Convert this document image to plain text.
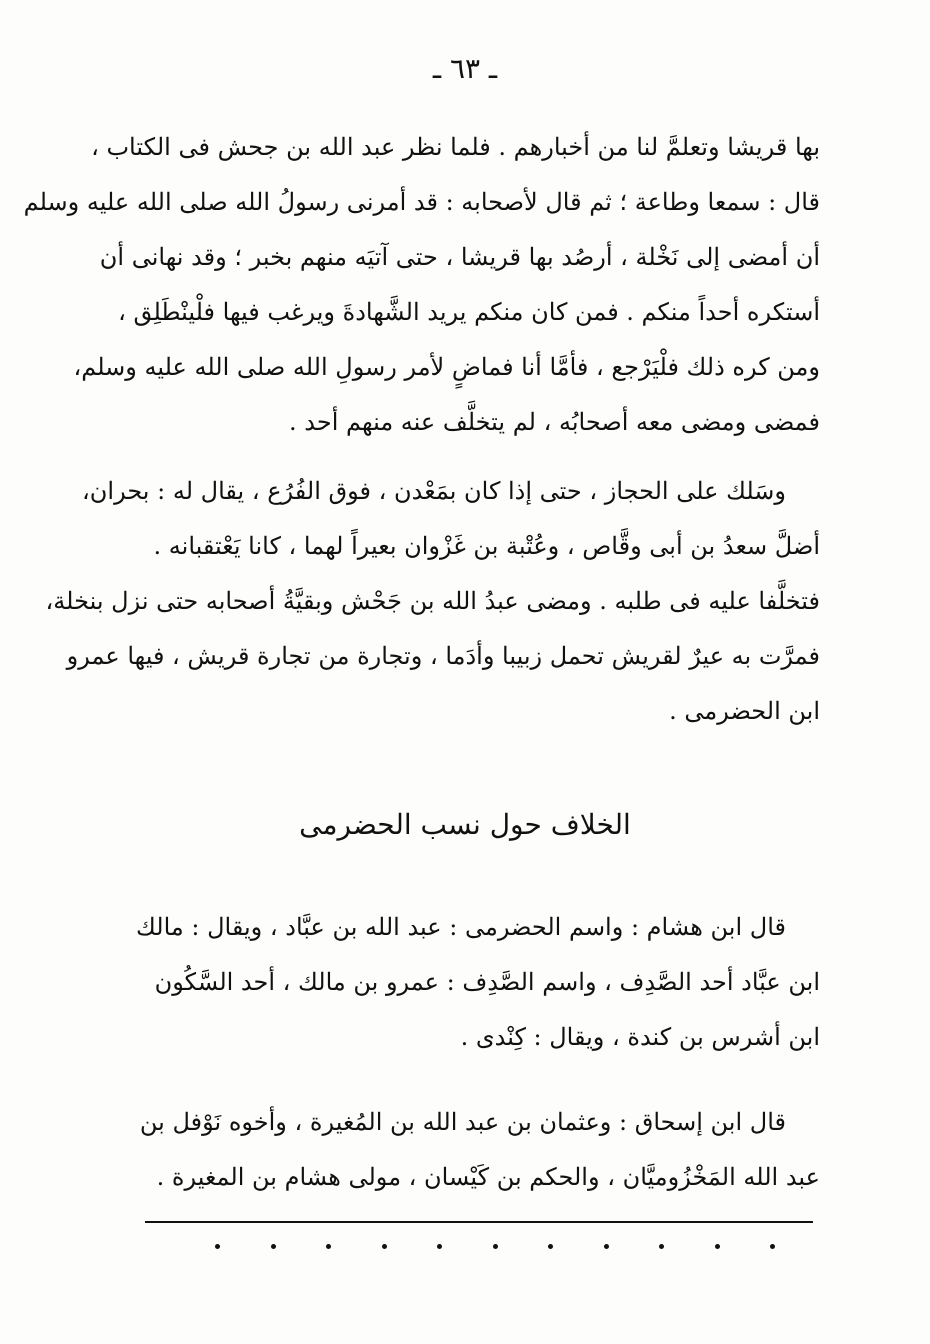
ـ ٦٣ ـ
بها قريشا وتعلمَّ لنا من أخبارهم . فلما نظر عبد الله بن جحش فى الكتاب ،
قال : سمعا وطاعة ؛ ثم قال لأصحابه : قد أمرنى رسولُ الله صلى الله عليه وسلم
أن أمضى إلى نَخْلة ، أرصُد بها قريشا ، حتى آتيَه منهم بخبر ؛ وقد نهانى أن
أستكره أحداً منكم . فمن كان منكم يريد الشَّهادةَ ويرغب فيها فلْينْطَلِق ،
ومن كره ذلك فلْيَرْجع ، فأمَّا أنا فماضٍ لأمر رسولِ الله صلى الله عليه وسلم،
فمضى ومضى معه أصحابُه ، لم يتخلَّف عنه منهم أحد .
وسَلك على الحجاز ، حتى إذا كان بمَعْدن ، فوق الفُرُع ، يقال له : بحران،
أضلَّ سعدُ بن أبى وقَّاص ، وعُتْبة بن غَزْوان بعيراً لهما ، كانا يَعْتقبانه .
فتخلَّفا عليه فى طلبه . ومضى عبدُ الله بن جَحْش وبقيَّةُ أصحابه حتى نزل بنخلة،
فمرَّت به عيرٌ لقريش تحمل زبيبا وأدَما ، وتجارة من تجارة قريش ، فيها عمرو
ابن الحضرمى .
الخلاف حول نسب الحضرمى
قال ابن هشام : واسم الحضرمى : عبد الله بن عبَّاد ، ويقال : مالك
ابن عبَّاد أحد الصَّدِف ، واسم الصَّدِف : عمرو بن مالك ، أحد السَّكُون
ابن أشرس بن كندة ، ويقال : كِنْدى .
قال ابن إسحاق : وعثمان بن عبد الله بن المُغيرة ، وأخوه نَوْفل بن
عبد الله المَخْزُوميَّان ، والحكم بن كَيْسان ، مولى هشام بن المغيرة .
